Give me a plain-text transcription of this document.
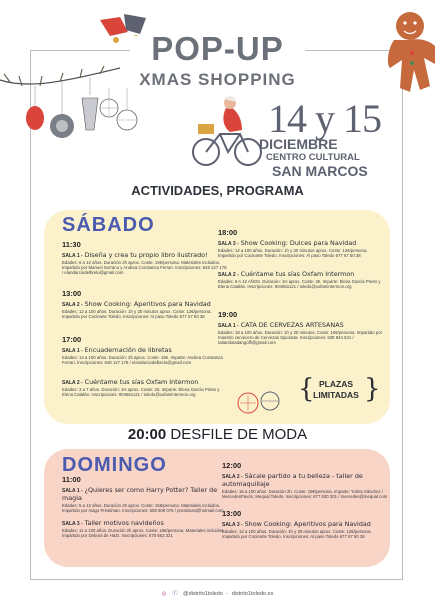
POP-UP
XMAS SHOPPING
14 y 15
DICIEMBRE
CENTRO CULTURAL
SAN MARCOS
ACTIVIDADES, PROGRAMA
SÁBADO
11:30
SALA 1 - Diseña y crea tu propio libro ilustrado!
Edades: 6 a 12 años. Duración 2h aprox. Coste: 19€/persona. Materiales incluidos. Impartido por Manuel Serrano y Andrea Constanza Ferrari. Inscripciones: 648 127 178 / elandarciodelbrelo@gmail.com
13:00
SALA 2 - Show Cooking: Aperitivos para Navidad
Edades: 12 a 100 años. Duración: 1h y 30 minutos aprox. Coste: 12€/persona. Impartido por Cocinarte Toledo. Inscripciones: Al paso Toledo 677 67 50 38
17:00
SALA 1 - Encuadernación de libretas
Edades: 14 a 100 años. Duración: 2h aprox. Coste: 15€. Imparte: Andrea Constanza Ferrari. Inscripciones: 648 127 178 / elandarciodelbrelo@gmail.com
SALA 2 - Cuéntame tus sías Oxfam Intermon
Edades: 3 a 7 años. Duración: 1H aprox. Coste: 2€. Imparte: Elena García Prieto y Elena Catalán. Inscripciones: 904651121 / toledo@oxfamintermon.org
18:00
SALA 3 - Show Cooking: Dulces para Navidad
Edades: 12 a 100 años. Duración: 1h y 30 minutos aprox. Coste: 12€/persona. Impartido por Cocinarte Toledo. Inscripciones: Al paso Toledo 677 67 50 38
SALA 2 - Cuéntame tus sías Oxfam Intermon
Edades: 8 A 12 AÑOS. Duración: 1H aprox. Coste: 2€. Imparte: Elena García Prieto y Elena Catalán. Inscripciones: 904651121 / toledo@oxfamintermon.org
19:00
SALA 1 - CATA DE CERVEZAS ARTESANAS
Edades: 18 a 100 años. Duración: 1h y 30 minutos. Coste: 10€/persona. Impartido por maestro cervecero de Cervezas Spiorarta. Inscripciones: 638 944 541 / tatiandoladangoffi@gmail.com
{ }
PLAZAS
LIMITADAS
20:00 DESFILE DE MODA
DOMINGO
11:00
SALA 1 - ¿Quieres ser como Harry Potter? Taller de magia
Edades: 5 a 12 años. Duración 2h aprox. Coste: 15€/persona. Materiales incluidos. Impartido por mago Prestiman. Inscripciones: 608 508 076 / prestiman@hotmail.com
SALA 3 - Taller motivos navideños
Edades: 11 a 100 años. Duración 2h aprox. Coste: 18€/persona. Materiales incluidos. Impartido por Debora de H&O. Inscripciones: 670 553 321
12:00
SALA 2 - Sácale partido a tu belleza - taller de automaquillaje
Edades: 16 a 100 años. Duración 2h. Coste: 19€/persona. Imparte: Yolma Sánchez / MercedesPavón, Mequal Toledo. Inscripciones: 677 530 301 / mercedes@mequal.com
13:00
SALA 3 - Show Cooking: Aperitivos para Navidad
Edades: 12 a 100 años. Duración: 1h y 30 minutos aprox. Coste: 12€/persona. Impartido por Cocinarte Toledo. Inscripciones: Al paso Toledo 677 67 50 38
◎ ⓕ @distrito1toledo - distrito1toledo.es
